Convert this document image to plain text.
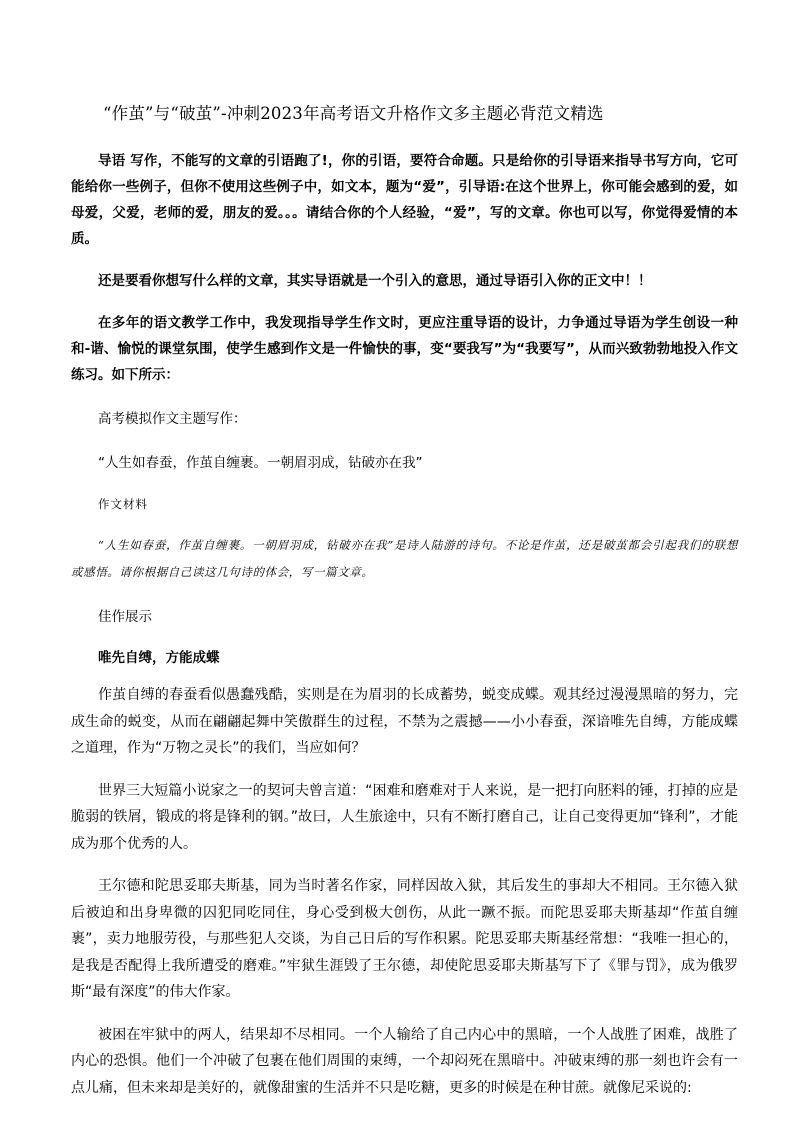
“作茧”与“破茧”-冲刺2023年高考语文升格作文多主题必背范文精选

导语 写作，不能写的文章的引语跑了!，你的引语，要符合命题。只是给你的引导语来指导书写方向，它可能给你一些例子，但你不使用这些例子中，如文本，题为“爱”，引导语:在这个世界上，你可能会感到的爱，如母爱，父爱，老师的爱，朋友的爱。。。请结合你的个人经验，“爱”，写的文章。你也可以写，你觉得爱情的本质。

还是要看你想写什么样的文章，其实导语就是一个引入的意思，通过导语引入你的正文中！！

在多年的语文教学工作中，我发现指导学生作文时，更应注重导语的设计，力争通过导语为学生创设一种和-谐、愉悦的课堂氛围，使学生感到作文是一件愉快的事，变“要我写”为“我要写”，从而兴致勃勃地投入作文练习。如下所示：

高考模拟作文主题写作：

“人生如春蚕，作茧自缠裹。一朝眉羽成，钻破亦在我”

作文材料

“人生如春蚕，作茧自缠裹。一朝眉羽成，钻破亦在我”是诗人陆游的诗句。不论是作茧，还是破茧都会引起我们的联想或感悟。请你根据自己读这几句诗的体会，写一篇文章。

佳作展示

唯先自缚，方能成蝶

作茧自缚的春蚕看似愚蠢残酷，实则是在为眉羽的长成蓄势，蜕变成蝶。观其经过漫漫黑暗的努力，完成生命的蜕变，从而在翩翩起舞中笑傲群生的过程，不禁为之震撼——小小春蚕，深谙唯先自缚，方能成蝶之道理，作为“万物之灵长”的我们，当应如何？

世界三大短篇小说家之一的契诃夫曾言道：“困难和磨难对于人来说，是一把打向胚料的锤，打掉的应是脆弱的铁屑，锻成的将是锋利的钢。”故曰，人生旅途中，只有不断打磨自己，让自己变得更加“锋利”，才能成为那个优秀的人。

王尔德和陀思妥耶夫斯基，同为当时著名作家，同样因故入狱，其后发生的事却大不相同。王尔德入狱后被迫和出身卑微的囚犯同吃同住，身心受到极大创伤，从此一蹶不振。而陀思妥耶夫斯基却“作茧自缠裹”，卖力地服劳役，与那些犯人交谈，为自己日后的写作积累。陀思妥耶夫斯基经常想：“我唯一担心的，是我是否配得上我所遭受的磨难。”牢狱生涯毁了王尔德，却使陀思妥耶夫斯基写下了《罪与罚》，成为俄罗斯“最有深度”的伟大作家。

被困在牢狱中的两人，结果却不尽相同。一个人输给了自己内心中的黑暗，一个人战胜了困难，战胜了内心的恐惧。他们一个冲破了包裹在他们周围的束缚，一个却闷死在黑暗中。冲破束缚的那一刻也许会有一点儿痛，但未来却是美好的，就像甜蜜的生活并不只是吃糖，更多的时候是在种甘蔗。就像尼采说的:
